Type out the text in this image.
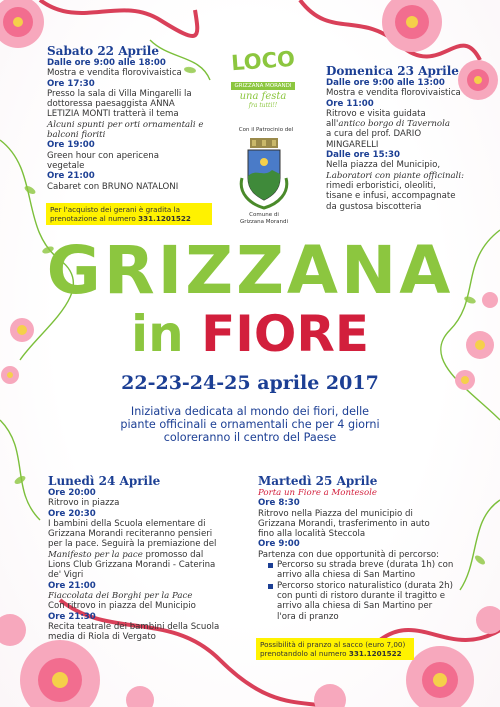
Sabato 22 Aprile
Dalle ore 9:00 alle 18:00
Mostra e vendita florovivaistica
Ore 17:30
Presso la sala di Villa Mingarelli la
dottoressa paesaggista ANNA
LETIZIA MONTI tratterà il tema
Alcuni spunti per orti ornamentali e
balconi fioriti
Ore 19:00
Green hour con apericena
vegetale
Ore 21:00
Cabaret con BRUNO NATALONI
Per l'acquisto dei gerani è gradita la
prenotazione al numero 331.1201522
LOCO
GRIZZANA MORANDI
una festa
fra tutti!!
Con il Patrocinio del
Comune di
Grizzana Morandi
Domenica 23 Aprile
Dalle ore 9:00 alle 13:00
Mostra e vendita florovivaistica
Ore 11:00
Ritrovo e visita guidata
all'antico borgo di Tavernola
a cura del prof. DARIO
MINGARELLI
Dalle ore 15:30
Nella piazza del Municipio,
Laboratori con piante officinali:
rimedi erboristici, oleoliti,
tisane e infusi, accompagnate
da gustosa biscotteria
GRIZZANA
in FIORE
22-23-24-25 aprile 2017
Iniziativa dedicata al mondo dei fiori, delle
piante officinali e ornamentali che per 4 giorni
coloreranno il centro del Paese
Lunedì 24 Aprile
Ore 20:00
Ritrovo in piazza
Ore 20:30
I bambini della Scuola elementare di
Grizzana Morandi reciteranno pensieri
per la pace. Seguirà la premiazione del
Manifesto per la pace promosso dal
Lions Club Grizzana Morandi - Caterina
de' Vigri
Ore 21:00
Fiaccolata dei Borghi per la Pace
Con ritrovo in piazza del Municipio
Ore 21:30
Recita teatrale dei bambini della Scuola
media di Riola di Vergato
Martedì 25 Aprile
Porta un Fiore a Montesole
Ore 8:30
Ritrovo nella Piazza del municipio di
Grizzana Morandi, trasferimento in auto
fino alla località Steccola
Ore 9:00
Partenza con due opportunità di percorso:
Percorso su strada breve (durata 1h) con
arrivo alla chiesa di San Martino
Percorso storico naturalistico (durata 2h)
con punti di ristoro durante il tragitto e
arrivo alla chiesa di San Martino per
l'ora di pranzo
Possibilità di pranzo al sacco (euro 7,00)
prenotandolo al numero 331.1201522
